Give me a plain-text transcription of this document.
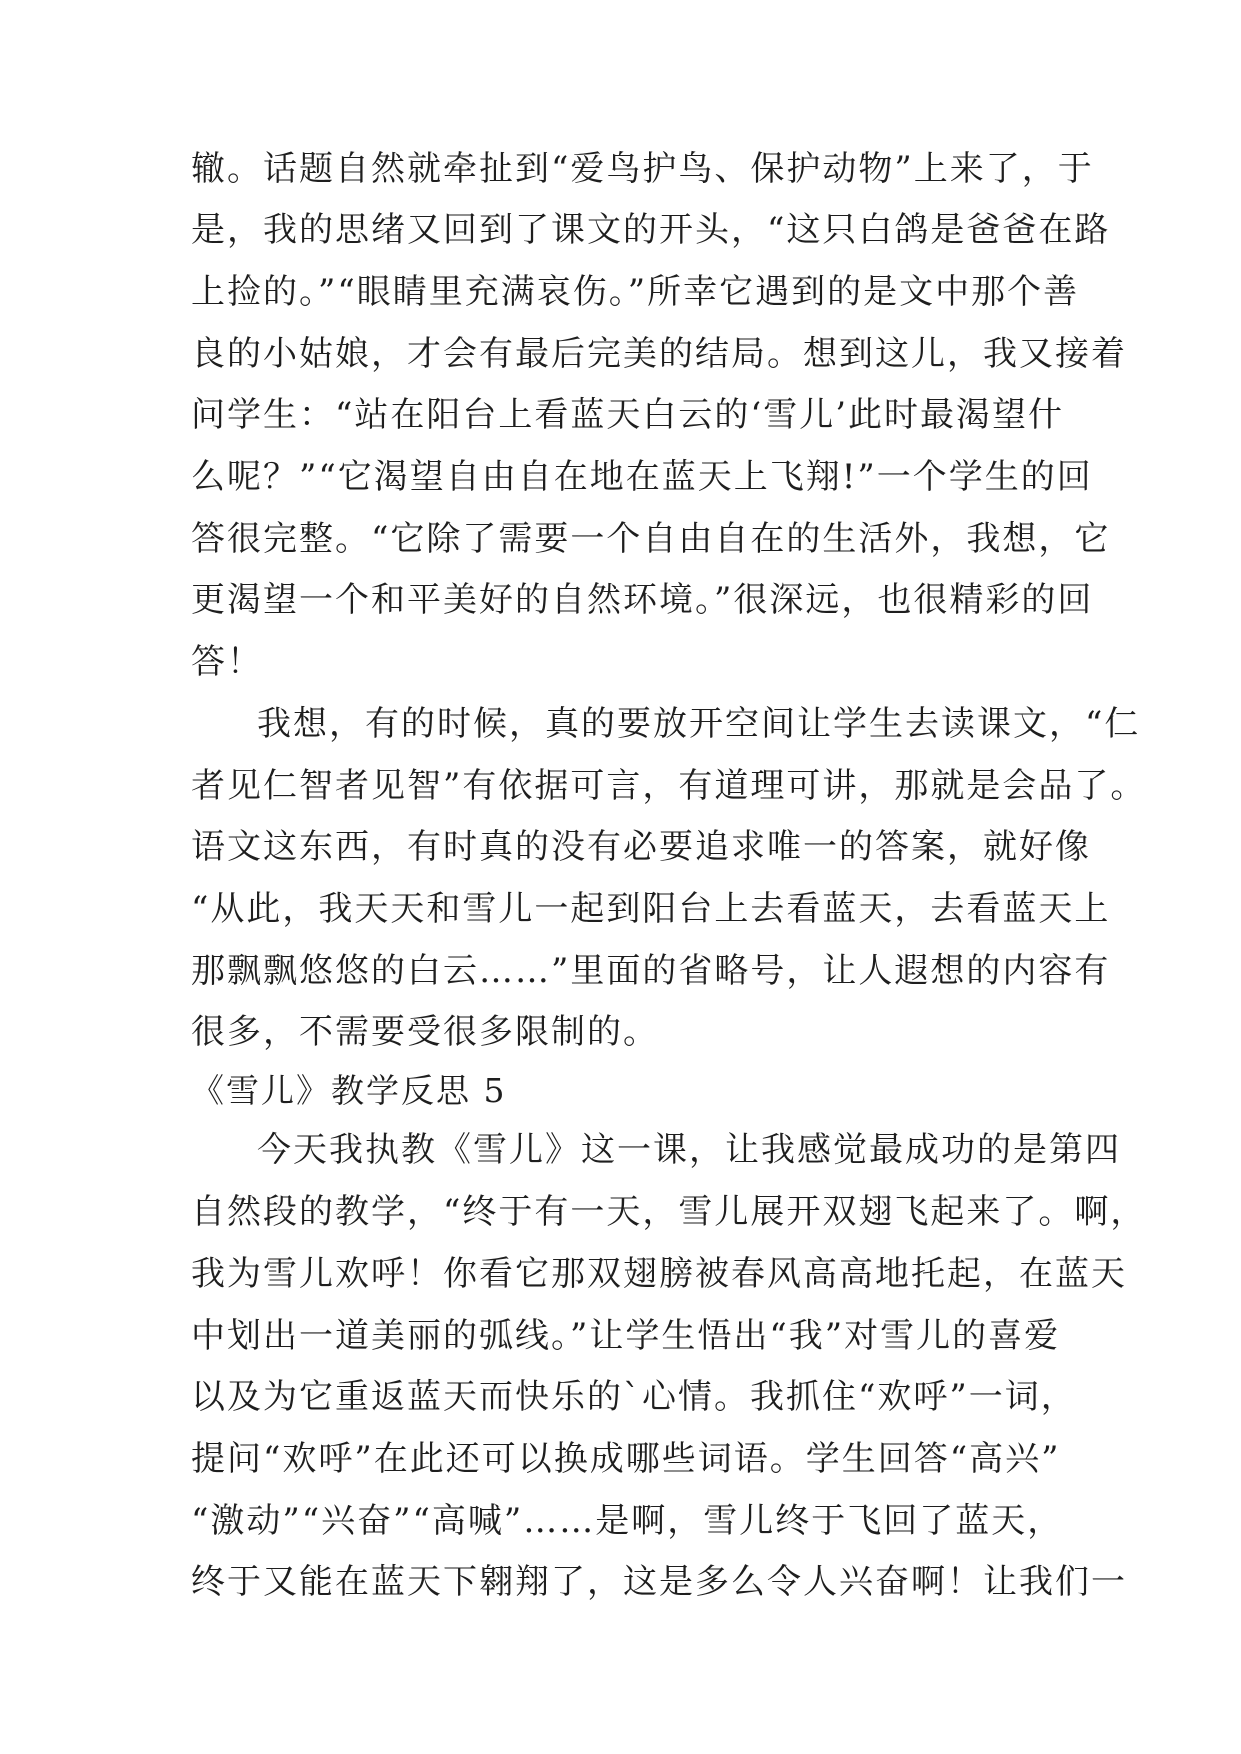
辙。话题自然就牵扯到“爱鸟护鸟、保护动物”上来了，于
是，我的思绪又回到了课文的开头，“这只白鸽是爸爸在路
上捡的。”“眼睛里充满哀伤。”所幸它遇到的是文中那个善
良的小姑娘，才会有最后完美的结局。想到这儿，我又接着
问学生：“站在阳台上看蓝天白云的‘雪儿’此时最渴望什
么呢？”“它渴望自由自在地在蓝天上飞翔!”一个学生的回
答很完整。“它除了需要一个自由自在的生活外，我想，它
更渴望一个和平美好的自然环境。”很深远，也很精彩的回
答！
我想，有的时候，真的要放开空间让学生去读课文，“仁
者见仁智者见智”有依据可言，有道理可讲，那就是会品了。
语文这东西，有时真的没有必要追求唯一的答案，就好像
“从此，我天天和雪儿一起到阳台上去看蓝天，去看蓝天上
那飘飘悠悠的白云……”里面的省略号，让人遐想的内容有
很多，不需要受很多限制的。
《雪儿》教学反思 5
今天我执教《雪儿》这一课，让我感觉最成功的是第四
自然段的教学，“终于有一天，雪儿展开双翅飞起来了。啊，
我为雪儿欢呼！你看它那双翅膀被春风高高地托起，在蓝天
中划出一道美丽的弧线。”让学生悟出“我”对雪儿的喜爱
以及为它重返蓝天而快乐的`心情。我抓住“欢呼”一词，
提问“欢呼”在此还可以换成哪些词语。学生回答“高兴”
“激动”“兴奋”“高喊”……是啊，雪儿终于飞回了蓝天，
终于又能在蓝天下翱翔了，这是多么令人兴奋啊！让我们一
